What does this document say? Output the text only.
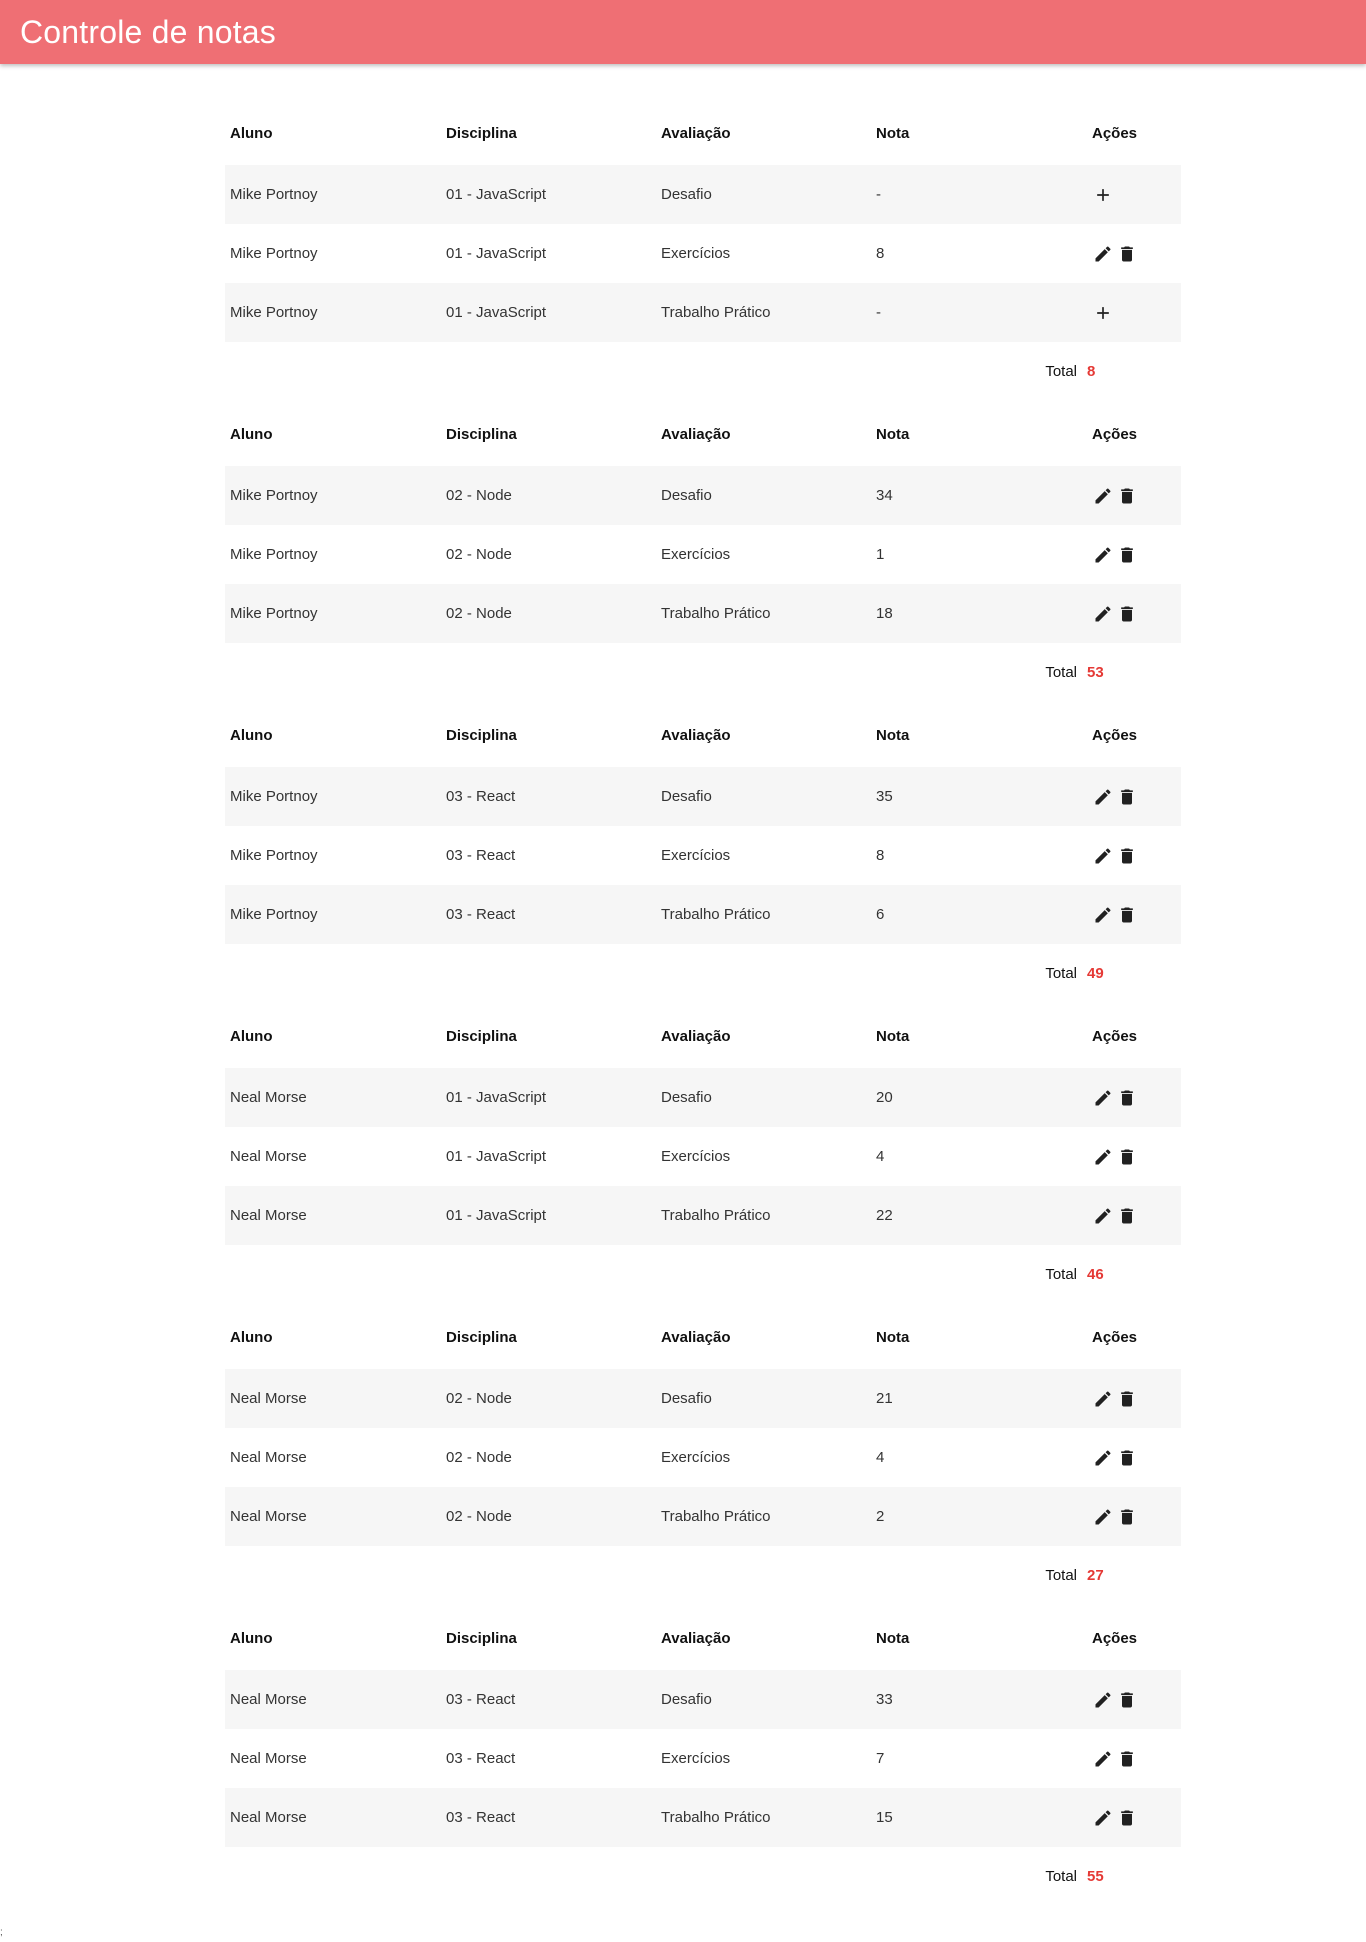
Controle de notas
Aluno	Disciplina	Avaliação	Nota	Ações
Mike Portnoy	01 - JavaScript	Desafio	-	

Mike Portnoy	01 - JavaScript	Exercícios	8	

Mike Portnoy	01 - JavaScript	Trabalho Prático	-	
Total 8
Aluno	Disciplina	Avaliação	Nota	Ações
Mike Portnoy	02 - Node	Desafio	34	

Mike Portnoy	02 - Node	Exercícios	1	

Mike Portnoy	02 - Node	Trabalho Prático	18	
Total 53
Aluno	Disciplina	Avaliação	Nota	Ações
Mike Portnoy	03 - React	Desafio	35	

Mike Portnoy	03 - React	Exercícios	8	

Mike Portnoy	03 - React	Trabalho Prático	6	
Total 49
Aluno	Disciplina	Avaliação	Nota	Ações
Neal Morse	01 - JavaScript	Desafio	20	

Neal Morse	01 - JavaScript	Exercícios	4	

Neal Morse	01 - JavaScript	Trabalho Prático	22	
Total 46
Aluno	Disciplina	Avaliação	Nota	Ações
Neal Morse	02 - Node	Desafio	21	

Neal Morse	02 - Node	Exercícios	4	

Neal Morse	02 - Node	Trabalho Prático	2	
Total 27
Aluno	Disciplina	Avaliação	Nota	Ações
Neal Morse	03 - React	Desafio	33	

Neal Morse	03 - React	Exercícios	7	

Neal Morse	03 - React	Trabalho Prático	15	
Total 55
;
